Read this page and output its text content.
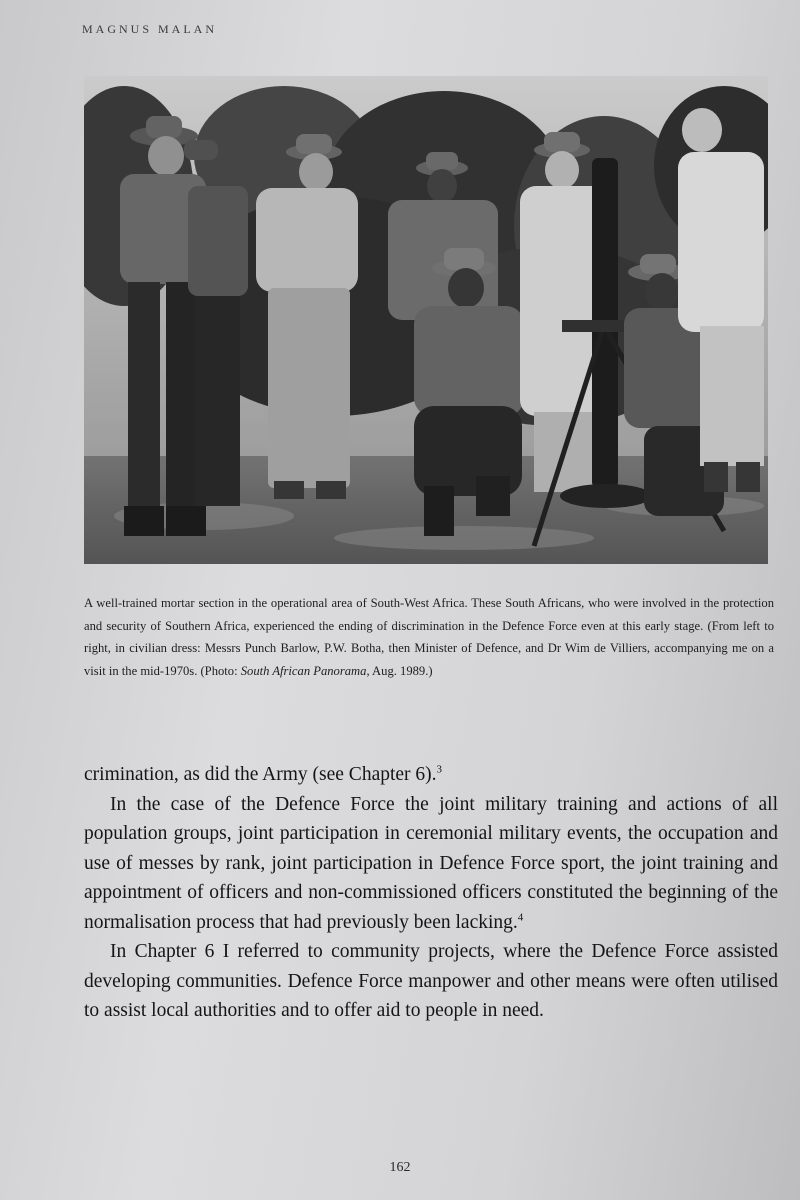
MAGNUS MALAN
A well-trained mortar section in the operational area of South-West Africa. These South Africans, who were involved in the protection and security of Southern Africa, experienced the ending of discrimination in the Defence Force even at this early stage. (From left to right, in civilian dress: Messrs Punch Barlow, P.W. Botha, then Minister of Defence, and Dr Wim de Villiers, accompanying me on a visit in the mid-1970s. (Photo: South African Panorama, Aug. 1989.)

crimination, as did the Army (see Chapter 6).$^3$

In the case of the Defence Force the joint military training and actions of all population groups, joint participation in ceremonial military events, the occupation and use of messes by rank, joint participation in Defence Force sport, the joint training and appointment of officers and non-commissioned officers constituted the beginning of the normalisation process that had previously been lacking.$^4$

In Chapter 6 I referred to community projects, where the Defence Force assisted developing communities. Defence Force manpower and other means were often utilised to assist local authorities and to offer aid to people in need.

162
